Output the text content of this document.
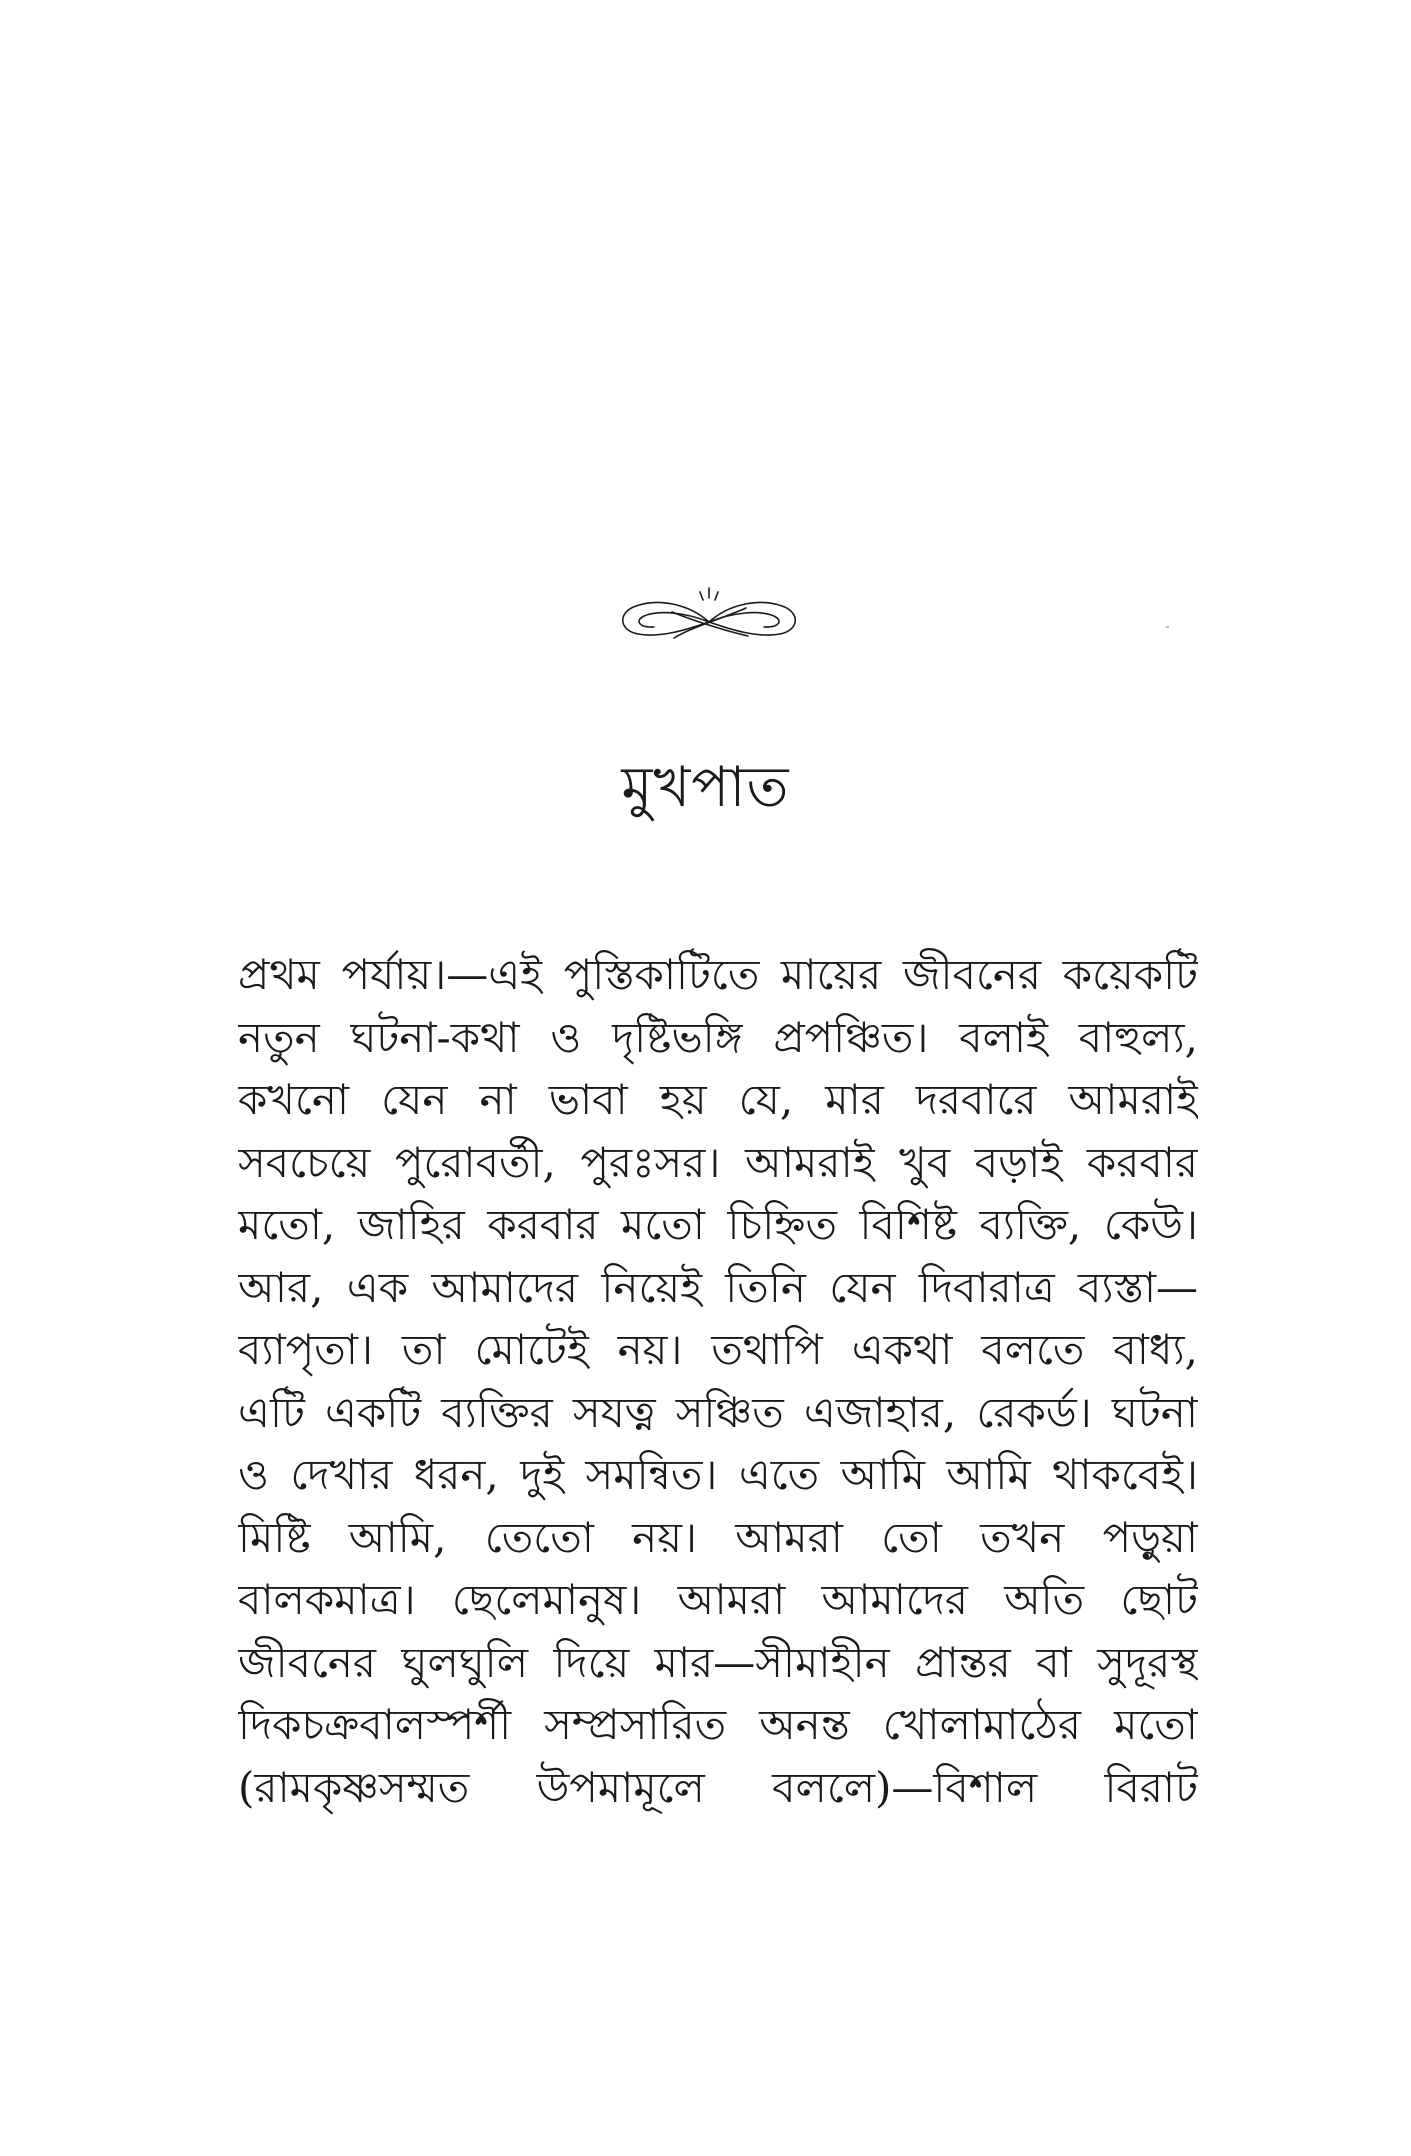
মুখপাত
প্রথম পর্যায়।—এই পুস্তিকাটিতে মায়ের জীবনের কয়েকটি
নতুন ঘটনা-কথা ও দৃষ্টিভঙ্গি প্রপঞ্চিত। বলাই বাহুল্য,
কখনো যেন না ভাবা হয় যে, মার দরবারে আমরাই
সবচেয়ে পুরোবর্তী, পুরঃসর। আমরাই খুব বড়াই করবার
মতো, জাহির করবার মতো চিহ্নিত বিশিষ্ট ব্যক্তি, কেউ।
আর, এক আমাদের নিয়েই তিনি যেন দিবারাত্র ব্যস্তা—
ব্যাপৃতা। তা মোটেই নয়। তথাপি একথা বলতে বাধ্য,
এটি একটি ব্যক্তির সযত্ন সঞ্চিত এজাহার, রেকর্ড। ঘটনা
ও দেখার ধরন, দুই সমন্বিত। এতে আমি আমি থাকবেই।
মিষ্টি আমি, তেতো নয়। আমরা তো তখন পড়ুয়া
বালকমাত্র। ছেলেমানুষ। আমরা আমাদের অতি ছোট
জীবনের ঘুলঘুলি দিয়ে মার—সীমাহীন প্রান্তর বা সুদূরস্থ
দিকচক্রবালস্পর্শী সম্প্রসারিত অনন্ত খোলামাঠের মতো
(রামকৃষ্ণসম্মত উপমামূলে বললে)—বিশাল বিরাট
